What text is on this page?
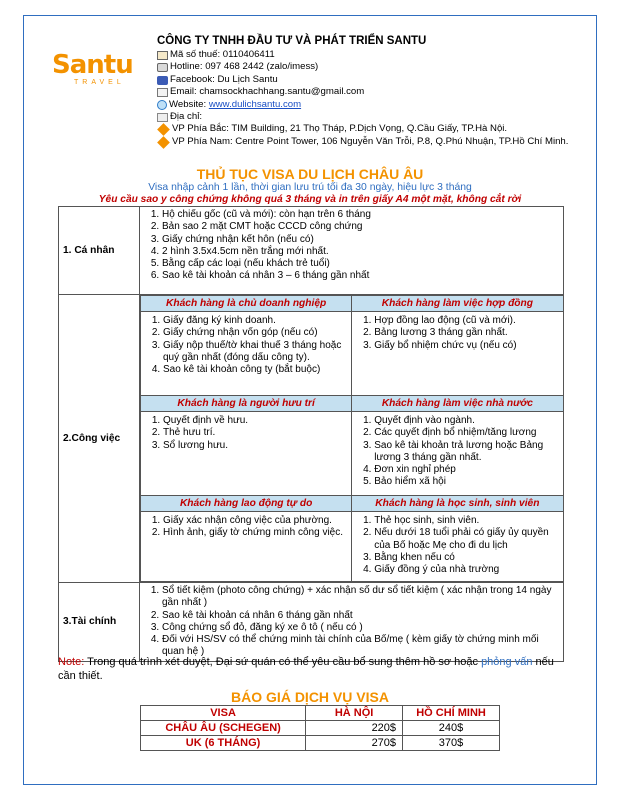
Santu
TRAVEL
CÔNG TY TNHH ĐẦU TƯ VÀ PHÁT TRIỂN SANTU
Mã số thuế: 0110406411
Hotline: 097 468 2442 (zalo/imess)
Facebook: Du Lịch Santu
Email: chamsockhachhang.santu@gmail.com
Website:
www.dulichsantu.com
Địa chỉ:
VP Phía Bắc: TIM Building, 21 Thọ Tháp, P.Dịch Vọng, Q.Cầu Giấy, TP.Hà Nội.
VP Phía Nam: Centre Point Tower, 106 Nguyễn Văn Trỗi, P.8, Q.Phú Nhuận, TP.Hồ Chí Minh.
THỦ TỤC VISA DU LỊCH CHÂU ÂU
Visa nhập cảnh 1 lần, thời gian lưu trú tối đa 30 ngày, hiệu lực 3 tháng
Yêu cầu sao y công chứng không quá 3 tháng và in trên giấy A4 một mặt, không cắt rời
1. Cá nhân	
1. Hộ chiếu gốc (cũ và mới): còn hạn trên 6 tháng
2. Bản sao 2 mặt CMT hoặc CCCD công chứng
3. Giấy chứng nhận kết hôn (nếu có)
4. 2 hình 3.5x4.5cm nền trắng mới nhất.
5. Bằng cấp các loại (nếu khách trẻ tuổi)
6. Sao kê tài khoản cá nhân 3 – 6 tháng gần nhất

2.Công việc	
Khách hàng là chủ doanh nghiệp	Khách hàng làm việc hợp đồng

1. Giấy đăng ký kinh doanh.
2. Giấy chứng nhận vốn góp (nếu có)
3. Giấy nộp thuế/tờ khai thuế 3 tháng hoặc quý gần nhất (đóng dấu công ty).
4. Sao kê tài khoản công ty (bắt buộc)

1. Hợp đồng lao động (cũ và mới).
2. Bảng lương 3 tháng gần nhất.
3. Giấy bổ nhiệm chức vụ (nếu có)

Khách hàng là người hưu trí	Khách hàng làm việc nhà nước

1. Quyết định về hưu.
2. Thẻ hưu trí.
3. Sổ lương hưu.

1. Quyết định vào ngành.
2. Các quyết định bổ nhiệm/tăng lương
3. Sao kê tài khoản trả lương hoặc Bảng lương 3 tháng gần nhất.
4. Đơn xin nghỉ phép
5. Bảo hiểm xã hội

Khách hàng lao động tự do	Khách hàng là học sinh, sinh viên

1. Giấy xác nhận công việc của phường.
2. Hình ảnh, giấy tờ chứng minh công việc.

1. Thẻ học sinh, sinh viên.
2. Nếu dưới 18 tuổi phải có giấy ủy quyền của Bố hoặc Mẹ cho đi du lịch
3. Bằng khen nếu có
4. Giấy đồng ý của nhà trường

3.Tài chính	
1. Sổ tiết kiệm (photo công chứng) + xác nhận số dư sổ tiết kiệm ( xác nhận trong 14 ngày gần nhất )
2. Sao kê tài khoản cá nhân 6 tháng gần nhất
3. Công chứng sổ đỏ, đăng ký xe ô tô ( nếu có )
4. Đối với HS/SV có thể chứng minh tài chính của Bố/mẹ ( kèm giấy tờ chứng minh mối quan hệ )
Note: Trong quá trình xét duyệt, Đại sứ quán có thể yêu cầu bổ sung thêm hồ sơ hoặc phỏng vấn nếu cần thiết.
BÁO GIÁ DỊCH VỤ VISA
VISA	HÀ NỘI	HỒ CHÍ MINH
CHÂU ÂU (SCHEGEN)	220$	240$
UK (6 THÁNG)	270$	370$
